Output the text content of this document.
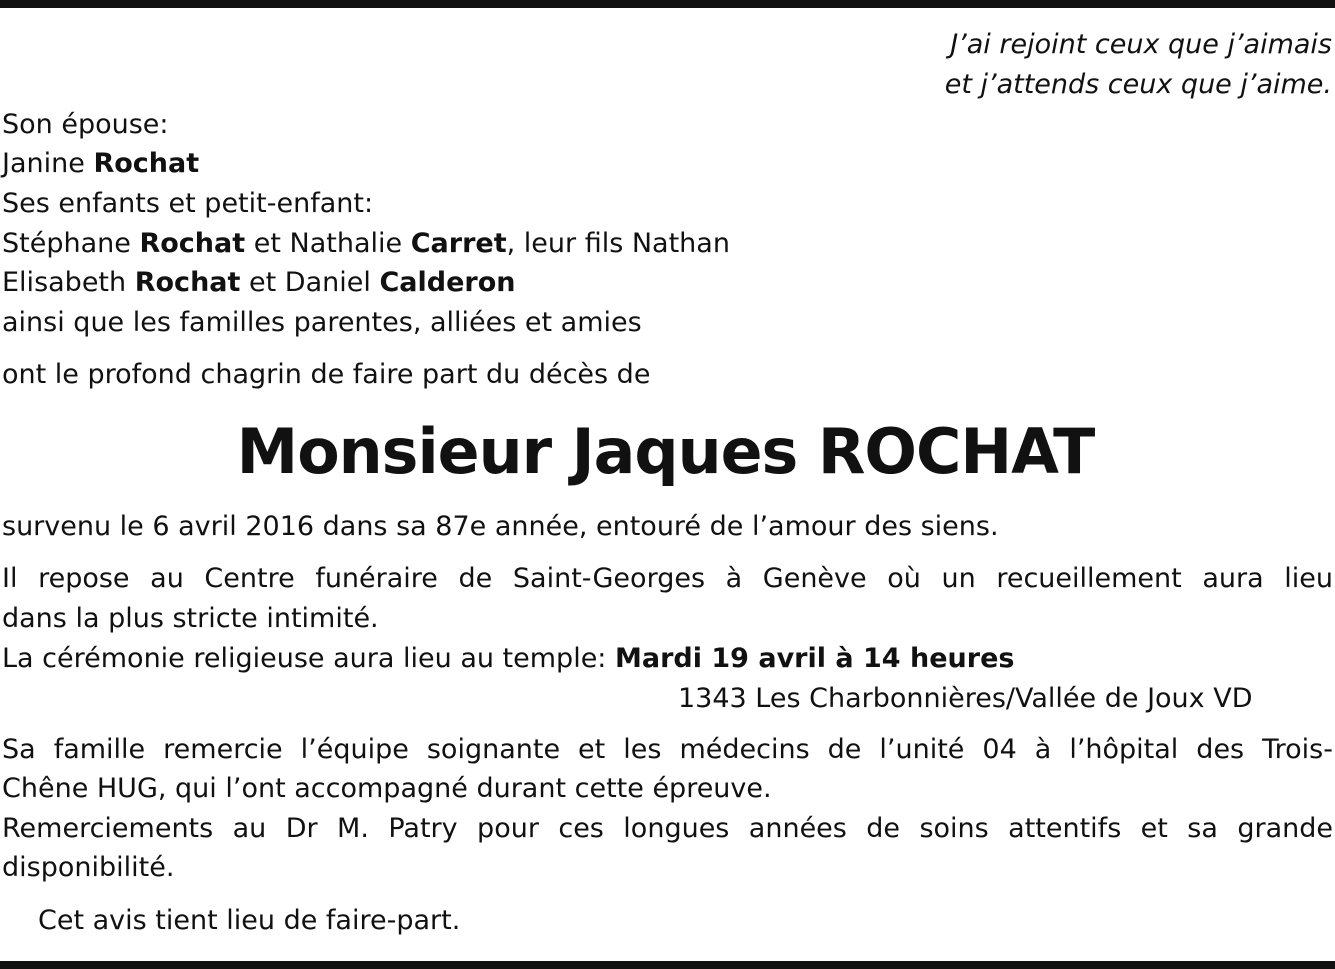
J’ai rejoint ceux que j’aimais
et j’attends ceux que j’aime.
Son épouse:
Janine Rochat
Ses enfants et petit-enfant:
Stéphane Rochat et Nathalie Carret, leur fils Nathan
Elisabeth Rochat et Daniel Calderon
ainsi que les familles parentes, alliées et amies
ont le profond chagrin de faire part du décès de
Monsieur Jaques ROCHAT
survenu le 6 avril 2016 dans sa 87e année, entouré de l’amour des siens.
Il repose au Centre funéraire de Saint-Georges à Genève où un recueillement aura lieu
dans la plus stricte intimité.
La cérémonie religieuse aura lieu au temple: Mardi 19 avril à 14 heures
1343 Les Charbonnières/Vallée de Joux VD
Sa famille remercie l’équipe soignante et les médecins de l’unité 04 à l’hôpital des Trois-
Chêne HUG, qui l’ont accompagné durant cette épreuve.
Remerciements au Dr M. Patry pour ces longues années de soins attentifs et sa grande
disponibilité.
Cet avis tient lieu de faire-part.
